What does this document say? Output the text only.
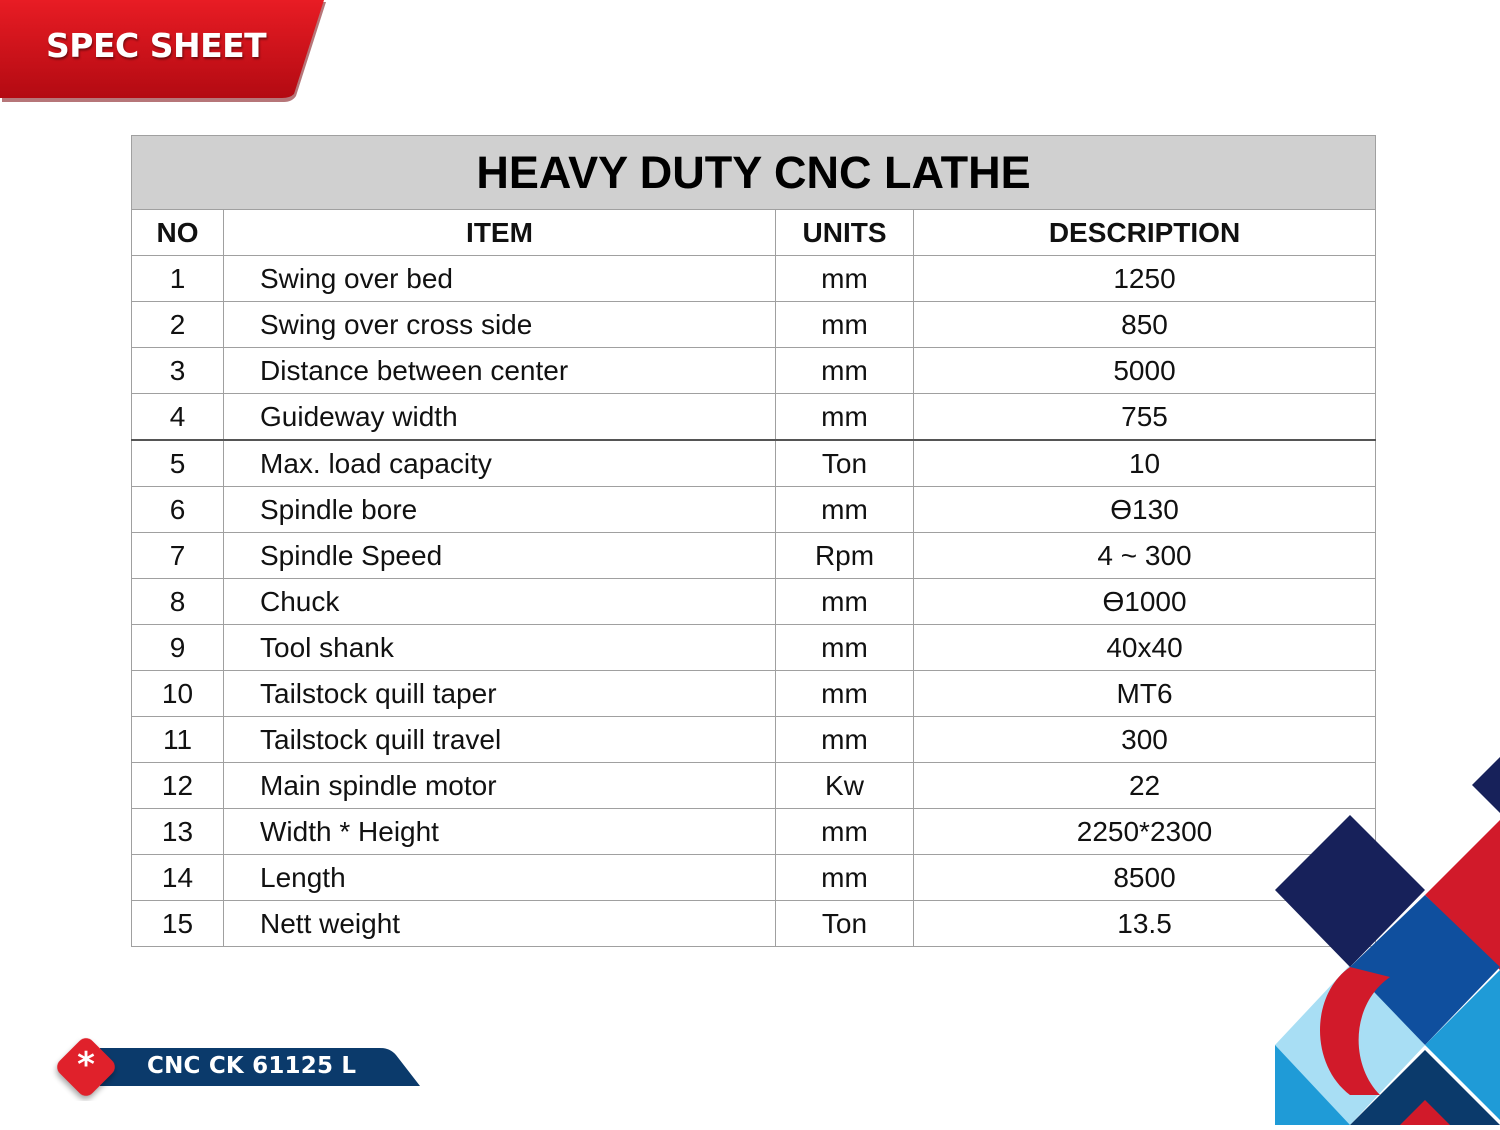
SPEC SHEET
HEAVY DUTY CNC LATHE			
NO	ITEM	UNITS	DESCRIPTION
1	Swing over bed	mm	1250
2	Swing over cross side	mm	850
3	Distance between center	mm	5000
4	Guideway width	mm	755
5	Max. load capacity	Ton	10
6	Spindle bore	mm	ϴ130
7	Spindle Speed	Rpm	4 ~ 300
8	Chuck	mm	ϴ1000
9	Tool shank	mm	40x40
10	Tailstock quill taper	mm	MT6
11	Tailstock quill travel	mm	300
12	Main spindle motor	Kw	22
13	Width * Height	mm	2250*2300
14	Length	mm	8500
15	Nett weight	Ton	13.5
* CNC CK 61125 L
